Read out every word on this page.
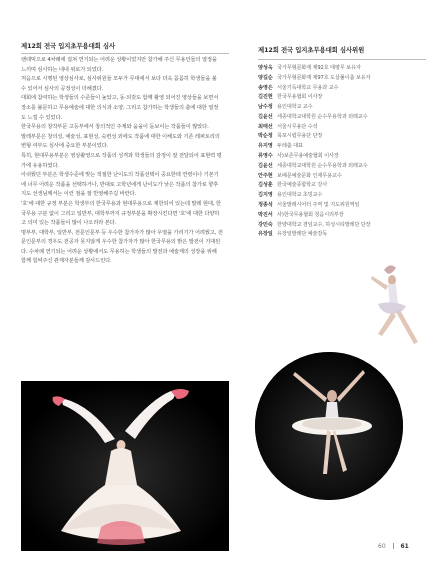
제12회 전국 입지초무용대회 심사

팬데믹으로 4차례에 걸쳐 연기되는 어려운 상황이었지만 참가해 주신 무용인들의 열정을 느끼며 심사하는 내내 위로가 되었다.

처음으로 시행된 영상심사로, 심사위원들 모두가 무대에서 보다 더욱 꼼꼼히 학생들을 볼 수 있어서 심사의 공정성이 더해졌다.

대회에 참여하는 학생들의 수준들이 높았고, 동·외갖도 함께 촬영 되어진 영상들을 보면서 장소를 불문하고 무용예술에 대한 의식과 소양, 그리고 참가하는 학생들의 춤에 대한 열정도 느낄 수 있었다.

한국무용의 창작부문 고등부에서 창의적인 주제와 움을이 돋보이는 작품들이 많았다.

발레부문은 창의성, 예술성, 표현성, 숙련성 외에도 작품에 대한 이해도와 기존 레퍼토리의 변형 여부도 심사에 중요한 부분이었다.

특히, 현대무용부분은 영상촬영으로 작품의 성격과 학생들의 감정이 잘 전달되어 표현력 평가에 유용하였다.

아쉬웠던 부분은 학생수준에 맞는 적절한 난이도의 작품선택이 중요한데 연령이나 기본기에 너무 어려운 작품을 선택하거나, 반대로 고학년에게 난이도가 낮은 작품의 참가로 향후 지도 선생님께서는 이런 점을 잘 반영해주길 바란다.

'호'에 대한 규정 부분은 학생부의 한국무용과 현대무용으로 제한되어 있는데 발레 현대, 한국무용 구분 없이 그리고 일반부, 대학부까지 규정부분을 확장시킨다면 '호'에 대한 다양하고 의미 있는 작품들이 많이 나오리라 본다.

명부부, 대학부, 일반부, 전문인문부 등 우수한 참가자가 많아 우열을 가리기가 어려웠고, 전문인문부의 경우도 전공자 못지않게 우수한 참가자가 많아 한국무용의 밝은 발전이 기대된다. 수차례 연기되는 어려운 상황에서도 무용하는 학생들의 발전과 예술계의 성장을 위해 함께 힘써주신 관계자분들께 감사드린다.

제12회 전국 입지초무용대회 심사위원
양성옥 국가무형문화재 제92호 태평무 보유자
양길순 국가무형문화재 제97호 도살풀이춤 보유자
송영은 서울기독대학교 무용과 교수
김진현 한국무용협회 이사장
남수정 용인대학교 교수
김윤선 세종대학교대학원 순수무용학과 외래교수
최태선 서울시무용단 수석
박순정 목포시립무용단 단장
유지영 두레춤 대표
류영수 사)보존무용예술협회 이사장
김윤선 세종대학교대학원 순수무용학과 외래교수
안주현 보배문예술문화 인재무용교수
김성훈 한국예술종합학교 강사
김지영 용인대학교 초빙교수
정종석 서울발레시어터 주역 및 지도위원역임
박진서 사)한국무용협회 청음시리부장
강민숙 한양대학교 겸임교수, 하성시티발레단 단장
유장일 유장일발레단 예술감독
60 61
